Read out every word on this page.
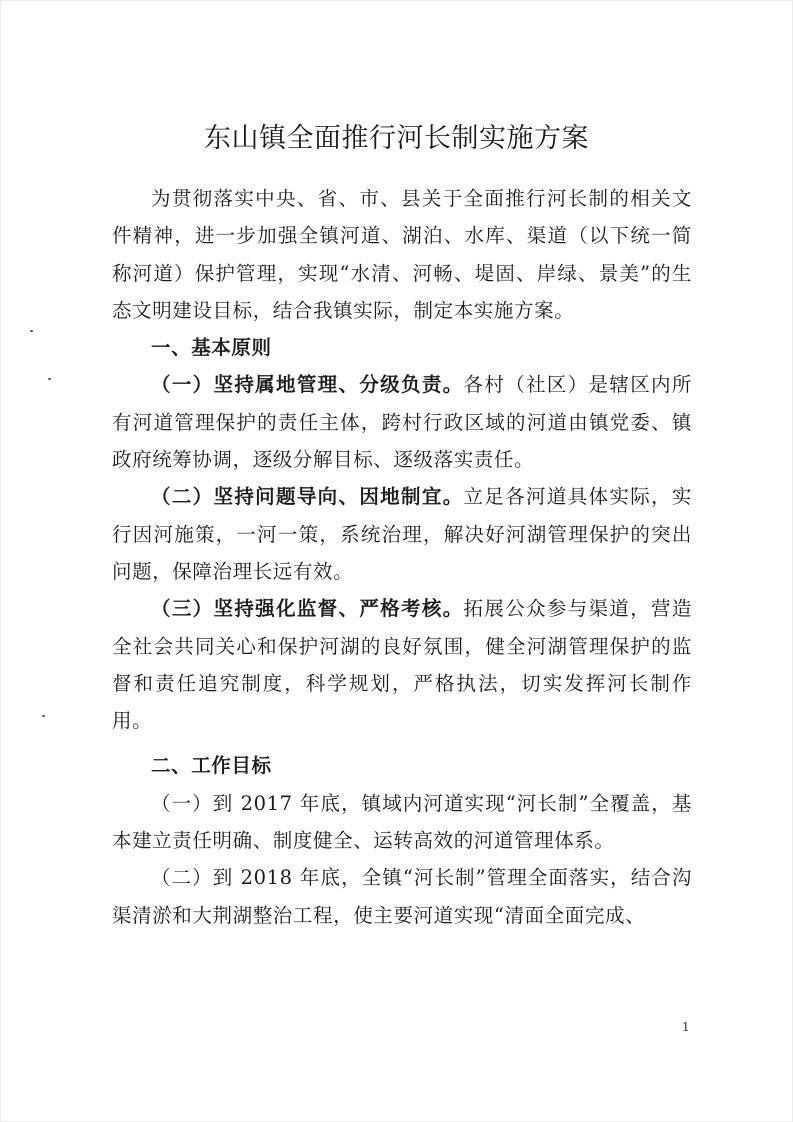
东山镇全面推行河长制实施方案

为贯彻落实中央、省、市、县关于全面推行河长制的相关文件精神，进一步加强全镇河道、湖泊、水库、渠道（以下统一简称河道）保护管理，实现“水清、河畅、堤固、岸绿、景美”的生态文明建设目标，结合我镇实际，制定本实施方案。

一、基本原则

（一）坚持属地管理、分级负责。各村（社区）是辖区内所有河道管理保护的责任主体，跨村行政区域的河道由镇党委、镇政府统筹协调，逐级分解目标、逐级落实责任。

（二）坚持问题导向、因地制宜。立足各河道具体实际，实行因河施策，一河一策，系统治理，解决好河湖管理保护的突出问题，保障治理长远有效。

（三）坚持强化监督、严格考核。拓展公众参与渠道，营造全社会共同关心和保护河湖的良好氛围，健全河湖管理保护的监督和责任追究制度，科学规划，严格执法，切实发挥河长制作用。

二、工作目标

（一）到 2017 年底，镇域内河道实现“河长制”全覆盖，基本建立责任明确、制度健全、运转高效的河道管理体系。

（二）到 2018 年底，全镇“河长制”管理全面落实，结合沟渠清淤和大荆湖整治工程，使主要河道实现“清面全面完成、

1
